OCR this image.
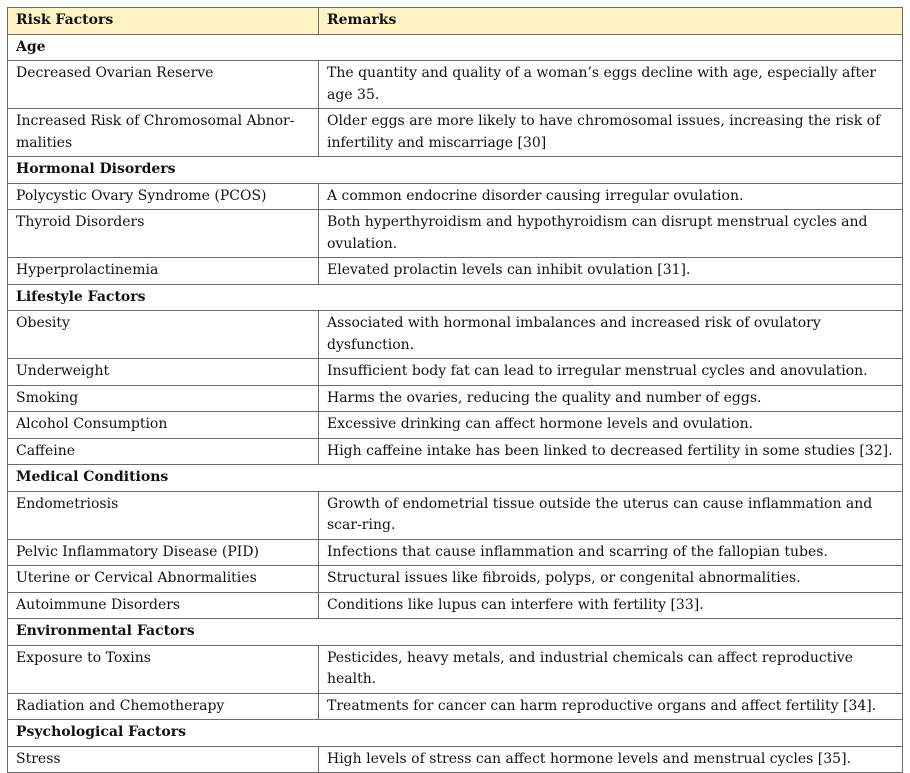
Risk Factors	Remarks
Age	
Decreased Ovarian Reserve	The quantity and quality of a woman’s eggs decline with age, especially after age 35.
Increased Risk of Chromosomal Abnor-malities	Older eggs are more likely to have chromosomal issues, increasing the risk of infertility and miscarriage [30]
Hormonal Disorders	
Polycystic Ovary Syndrome (PCOS)	A common endocrine disorder causing irregular ovulation.
Thyroid Disorders	Both hyperthyroidism and hypothyroidism can disrupt menstrual cycles and ovulation.
Hyperprolactinemia	Elevated prolactin levels can inhibit ovulation [31].
Lifestyle Factors	
Obesity	Associated with hormonal imbalances and increased risk of ovulatory dysfunction.
Underweight	Insufficient body fat can lead to irregular menstrual cycles and anovulation.
Smoking	Harms the ovaries, reducing the quality and number of eggs.
Alcohol Consumption	Excessive drinking can affect hormone levels and ovulation.
Caffeine	High caffeine intake has been linked to decreased fertility in some studies [32].
Medical Conditions	
Endometriosis	Growth of endometrial tissue outside the uterus can cause inflammation and scar-ring.
Pelvic Inflammatory Disease (PID)	Infections that cause inflammation and scarring of the fallopian tubes.
Uterine or Cervical Abnormalities	Structural issues like fibroids, polyps, or congenital abnormalities.
Autoimmune Disorders	Conditions like lupus can interfere with fertility [33].
Environmental Factors	
Exposure to Toxins	Pesticides, heavy metals, and industrial chemicals can affect reproductive health.
Radiation and Chemotherapy	Treatments for cancer can harm reproductive organs and affect fertility [34].
Psychological Factors	
Stress	High levels of stress can affect hormone levels and menstrual cycles [35].
